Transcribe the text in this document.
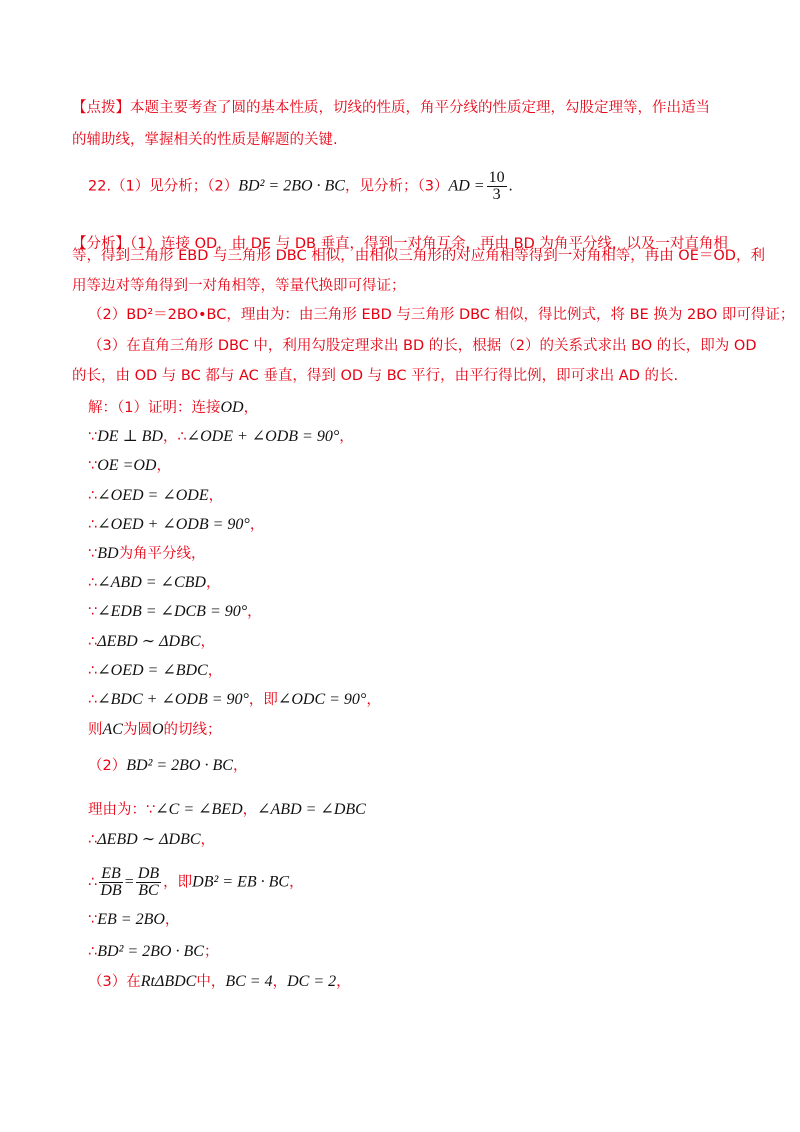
【点拨】本题主要考查了圆的基本性质，切线的性质，角平分线的性质定理，勾股定理等，作出适当
的辅助线，掌握相关的性质是解题的关键.
22.（1）见分析；（2）BD² = 2BO · BC，见分析；$(3)AD = \frac{10}{3}$ .
【分析】（1）连接 OD，由 DE 与 DB 垂直，得到一对角互余，再由 BD 为角平分线，以及一对直角相
等，得到三角形 EBD 与三角形 DBC 相似，由相似三角形的对应角相等得到一对角相等，再由 OE＝OD，利
用等边对等角得到一对角相等，等量代换即可得证；
（2）BD²＝2BO•BC，理由为：由三角形 EBD 与三角形 DBC 相似，得比例式，将 BE 换为 2BO 即可得证；
（3）在直角三角形 DBC 中，利用勾股定理求出 BD 的长，根据（2）的关系式求出 BO 的长，即为 OD
的长，由 OD 与 BC 都与 AC 垂直，得到 OD 与 BC 平行，由平行得比例，即可求出 AD 的长.
解：（1）证明：连接OD，
∵DE ⊥ BD，∴∠ODE + ∠ODB = 90°，
∵OE =OD，
∴∠OED = ∠ODE，
∴∠OED + ∠ODB = 90°，
∵BD为角平分线，
∴∠ABD = ∠CBD，
∵∠EDB = ∠DCB = 90°，
∴ΔEBD ∼ ΔDBC，
∴∠OED = ∠BDC，
∴∠BDC + ∠ODB = 90°，即∠ODC = 90°，
则AC为圆O的切线；
（2）BD² = 2BO · BC，
理由为：∵∠C = ∠BED，∠ABD = ∠DBC
∴ΔEBD ∼ ΔDBC，
∴ $\frac{EB}{DB} = \frac{DB}{BC}$ ，即DB² = EB · BC，
∵EB = 2BO，
∴BD² = 2BO · BC；
（3）在RtΔBDC中，BC = 4，DC = 2，
